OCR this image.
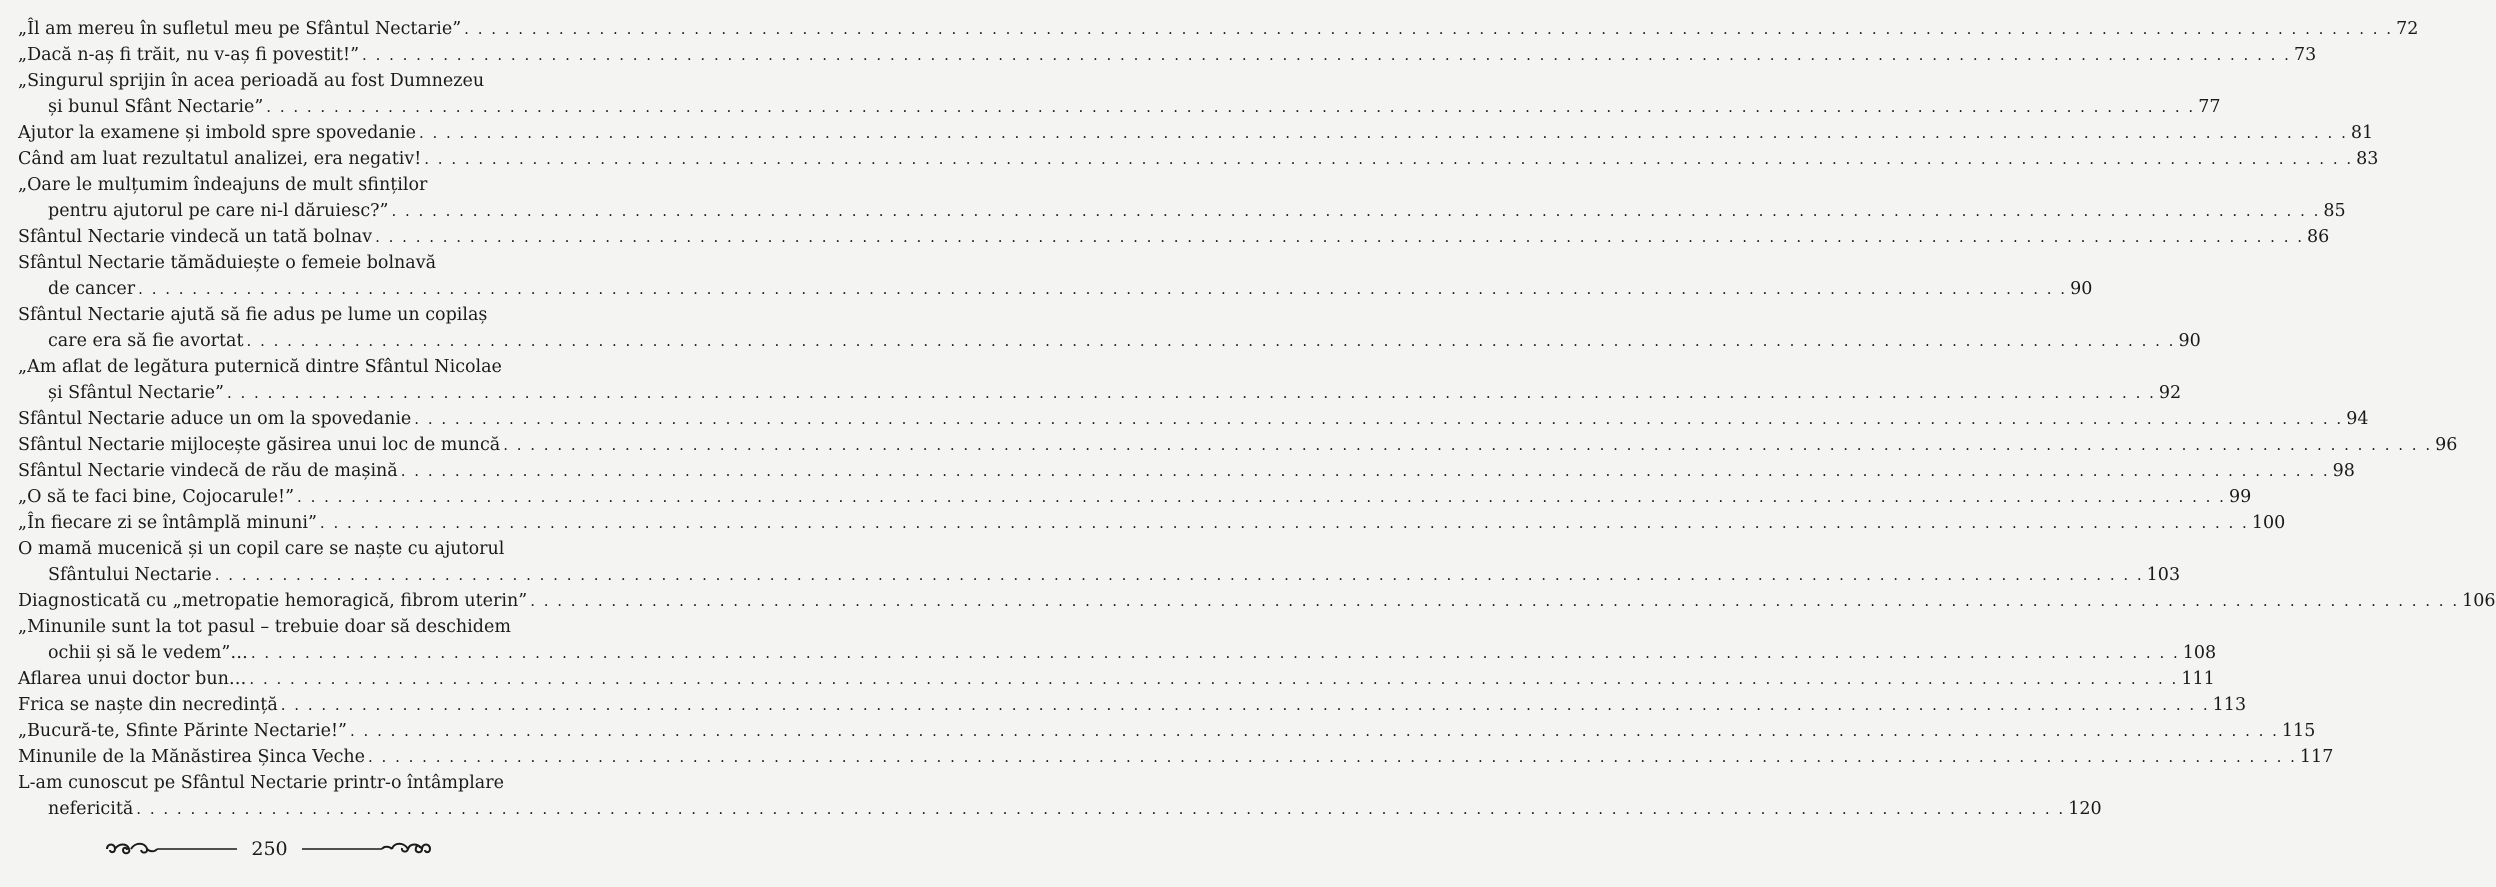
„Îl am mereu în sufletul meu pe Sfântul Nectarie” . . .	72
„Dacă n-aș fi trăit, nu v-aș fi povestit!” . . .	73
„Singurul sprijin în acea perioadă au fost Dumnezeu
și bunul Sfânt Nectarie” . . .	77
Ajutor la examene și imbold spre spovedanie . . .	81
Când am luat rezultatul analizei, era negativ! . . .	83
„Oare le mulțumim îndeajuns de mult sfinților
pentru ajutorul pe care ni-l dăruiesc?” . . .	85
Sfântul Nectarie vindecă un tată bolnav . . .	86
Sfântul Nectarie tămăduiește o femeie bolnavă
de cancer . . .	90
Sfântul Nectarie ajută să fie adus pe lume un copilaș
care era să fie avortat . . .	90
„Am aflat de legătura puternică dintre Sfântul Nicolae
și Sfântul Nectarie” . . .	92
Sfântul Nectarie aduce un om la spovedanie . . .	94
Sfântul Nectarie mijlocește găsirea unui loc de muncă . . .	96
Sfântul Nectarie vindecă de rău de mașină . . .	98
„O să te faci bine, Cojocarule!” . . .	99
„În fiecare zi se întâmplă minuni” . . .	100
O mamă mucenică și un copil care se naște cu ajutorul
Sfântului Nectarie . . .	103
Diagnosticată cu „metropatie hemoragică, fibrom uterin” . . .	106
„Minunile sunt la tot pasul – trebuie doar să deschidem
ochii și să le vedem”… . . .	108
Aflarea unui doctor bun… . . .	111
Frica se naște din necredință . . .	113
„Bucură-te, Sfinte Părinte Nectarie!” . . .	115
Minunile de la Mănăstirea Șinca Veche . . .	117
L-am cunoscut pe Sfântul Nectarie printr-o întâmplare
nefericită . . .	120
250
